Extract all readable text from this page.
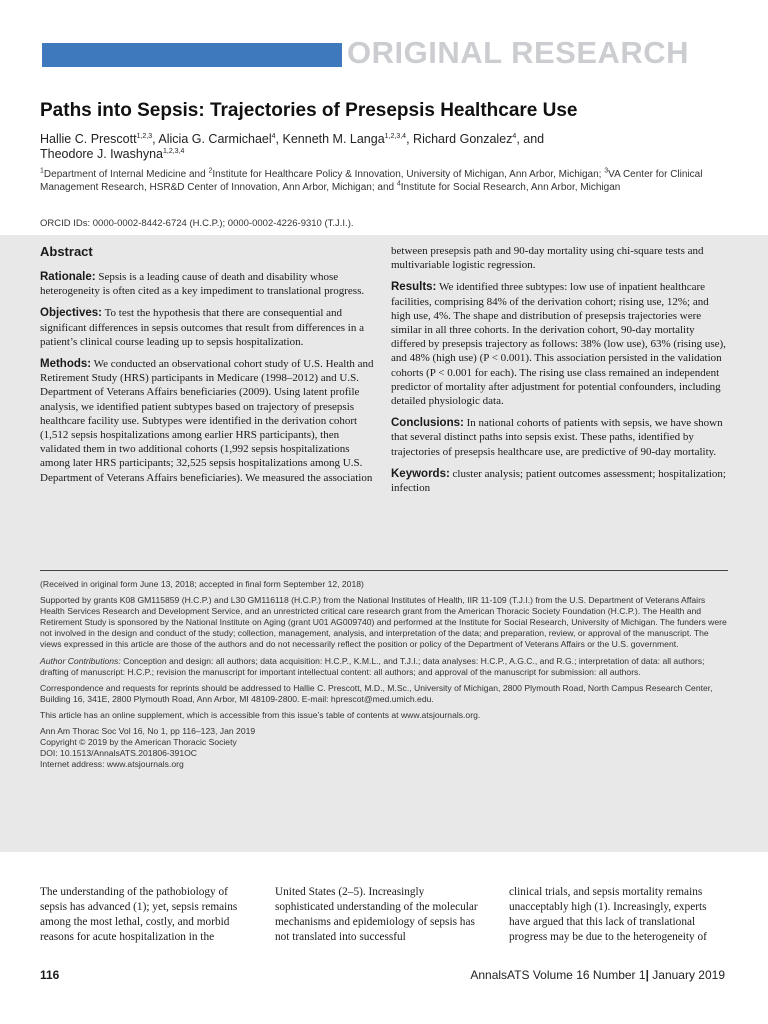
ORIGINAL RESEARCH
Paths into Sepsis: Trajectories of Presepsis Healthcare Use
Hallie C. Prescott$^{1,2,3}$, Alicia G. Carmichael$^4$, Kenneth M. Langa$^{1,2,3,4}$, Richard Gonzalez$^4$, and
Theodore J. Iwashyna$^{1,2,3,4}$
$^1$Department of Internal Medicine and $^2$Institute for Healthcare Policy & Innovation, University of Michigan, Ann Arbor, Michigan; $^3$VA Center for Clinical Management Research, HSR&D Center of Innovation, Ann Arbor, Michigan; and $^4$Institute for Social Research, Ann Arbor, Michigan
ORCID IDs: 0000-0002-8442-6724 (H.C.P.); 0000-0002-4226-9310 (T.J.I.).
Abstract

Rationale: Sepsis is a leading cause of death and disability whose heterogeneity is often cited as a key impediment to translational progress.

Objectives: To test the hypothesis that there are consequential and significant differences in sepsis outcomes that result from differences in a patient’s clinical course leading up to sepsis hospitalization.

Methods: We conducted an observational cohort study of U.S. Health and Retirement Study (HRS) participants in Medicare (1998–2012) and U.S. Department of Veterans Affairs beneficiaries (2009). Using latent profile analysis, we identified patient subtypes based on trajectory of presepsis healthcare facility use. Subtypes were identified in the derivation cohort (1,512 sepsis hospitalizations among earlier HRS participants), then validated them in two additional cohorts (1,992 sepsis hospitalizations among later HRS participants; 32,525 sepsis hospitalizations among U.S. Department of Veterans Affairs beneficiaries). We measured the association

between presepsis path and 90-day mortality using chi-square tests and multivariable logistic regression.

Results: We identified three subtypes: low use of inpatient healthcare facilities, comprising 84% of the derivation cohort; rising use, 12%; and high use, 4%. The shape and distribution of presepsis trajectories were similar in all three cohorts. In the derivation cohort, 90-day mortality differed by presepsis trajectory as follows: 38% (low use), 63% (rising use), and 48% (high use) (P < 0.001). This association persisted in the validation cohorts (P < 0.001 for each). The rising use class remained an independent predictor of mortality after adjustment for potential confounders, including detailed physiologic data.

Conclusions: In national cohorts of patients with sepsis, we have shown that several distinct paths into sepsis exist. These paths, identified by trajectories of presepsis healthcare use, are predictive of 90-day mortality.

Keywords: cluster analysis; patient outcomes assessment; hospitalization; infection

(Received in original form June 13, 2018; accepted in final form September 12, 2018)

Supported by grants K08 GM115859 (H.C.P.) and L30 GM116118 (H.C.P.) from the National Institutes of Health, IIR 11-109 (T.J.I.) from the U.S. Department of Veterans Affairs Health Services Research and Development Service, and an unrestricted critical care research grant from the American Thoracic Society Foundation (H.C.P.). The Health and Retirement Study is sponsored by the National Institute on Aging (grant U01 AG009740) and performed at the Institute for Social Research, University of Michigan. The funders were not involved in the design and conduct of the study; collection, management, analysis, and interpretation of the data; and preparation, review, or approval of the manuscript. The views expressed in this article are those of the authors and do not necessarily reflect the position or policy of the Department of Veterans Affairs or the U.S. government.

Author Contributions: Conception and design: all authors; data acquisition: H.C.P., K.M.L., and T.J.I.; data analyses: H.C.P., A.G.C., and R.G.; interpretation of data: all authors; drafting of manuscript: H.C.P.; revision the manuscript for important intellectual content: all authors; and approval of the manuscript for submission: all authors.

Correspondence and requests for reprints should be addressed to Hallie C. Prescott, M.D., M.Sc., University of Michigan, 2800 Plymouth Road, North Campus Research Center, Building 16, 341E, 2800 Plymouth Road, Ann Arbor, MI 48109-2800. E-mail: hprescot@med.umich.edu.

This article has an online supplement, which is accessible from this issue’s table of contents at www.atsjournals.org.

Ann Am Thorac Soc Vol 16, No 1, pp 116–123, Jan 2019
Copyright © 2019 by the American Thoracic Society
DOI: 10.1513/AnnalsATS.201806-391OC
Internet address: www.atsjournals.org

The understanding of the pathobiology of sepsis has advanced (1); yet, sepsis remains among the most lethal, costly, and morbid reasons for acute hospitalization in the

United States (2–5). Increasingly sophisticated understanding of the molecular mechanisms and epidemiology of sepsis has not translated into successful

clinical trials, and sepsis mortality remains unacceptably high (1). Increasingly, experts have argued that this lack of translational progress may be due to the heterogeneity of

116	AnnalsATS Volume 16 Number 1| January 2019
